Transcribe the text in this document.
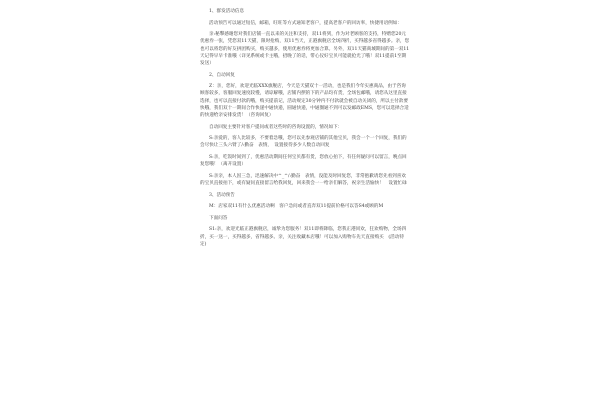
1、群发活动信息

活动预告可以通过短信，邮箱，旺旺等方式通知老客户，提高老客户的回访率，快捷用语例如：

亲:秘撃感谢您对我们店铺一直以来的关注和支持，双11将到，作为对老顾客的支持，特赠您20元优惠券一张，凭您双11天猫，限时抢购，双11当天，正港旗舰店全场四折，买得越多省得越多。亲，您也可以将您的好友拼团购买，购买越多，使用优惠券将更加合算。另外，双11天猫商城期间的第一双11天记得早早卡准哦（详见系统或卡主哦，招晚了的话，带心仪好宝贝可能就抢光了哦！双11提前1至期发送）

2、自动回复

Z：亲，您好，欢迎光临XXX旗舰店，今天是天猫双十一活动，也是我们今年实惠商品，由于咨询顾客较多，客服回复速度较慢，请谅解哦，店铺内摆的下的产品均有货，全场包邮哦，请您从这里直接选择，也可以直接付款的哦，购买提前记，活动规定30分钟内不付款就会被自动关闭的，所以主付款要快哦，我们双十一期间合作快递中通快递，圆通快递，中通圈通不到可以发邮政EMS，您可以选择合适的快递给亲安排发货！（咨询回复）

自动回复主要针对客户提问或者这些时的咨询设置的，情况如下：

S:亲爱的，客人比较多，不要着急哦，您可以先参观店铺的其他宝贝，我会一个一个回复，我们的会尽快让三头六臂了/:勤奋　表情，　设置接待多少人数自动回复

S:亲，吃饭时间到了，优惠活动期间任何宝贝都有货，您放心拍下，有任何疑问可以留言，晚点回复您哦！（离开设置）

S:亲亲，本人因三急，迅速解决中^_^/:勤奋　表情，没能及时回复您，非常抱歉请您先看到喜欢的宝贝直接拍下，或有疑问直接留言给我回复，回来我会一一给亲们解答，祝亲生活愉快！　设置忙碌

3、活动预告

M：店家双11有什么优惠活动啊　客户急问或者直奔双11提前价格可以答S4或顾的M

下面问答

S1:亲，欢迎光临正港旗舰店，诚挚为您服务！双11即将降临，您我正港同欢，狂欢购物，全场四折，买一送一，买得越多，省得越多。亲，关注收藏本店哦！可以加入购物车先天直接购买　(活动特定)
